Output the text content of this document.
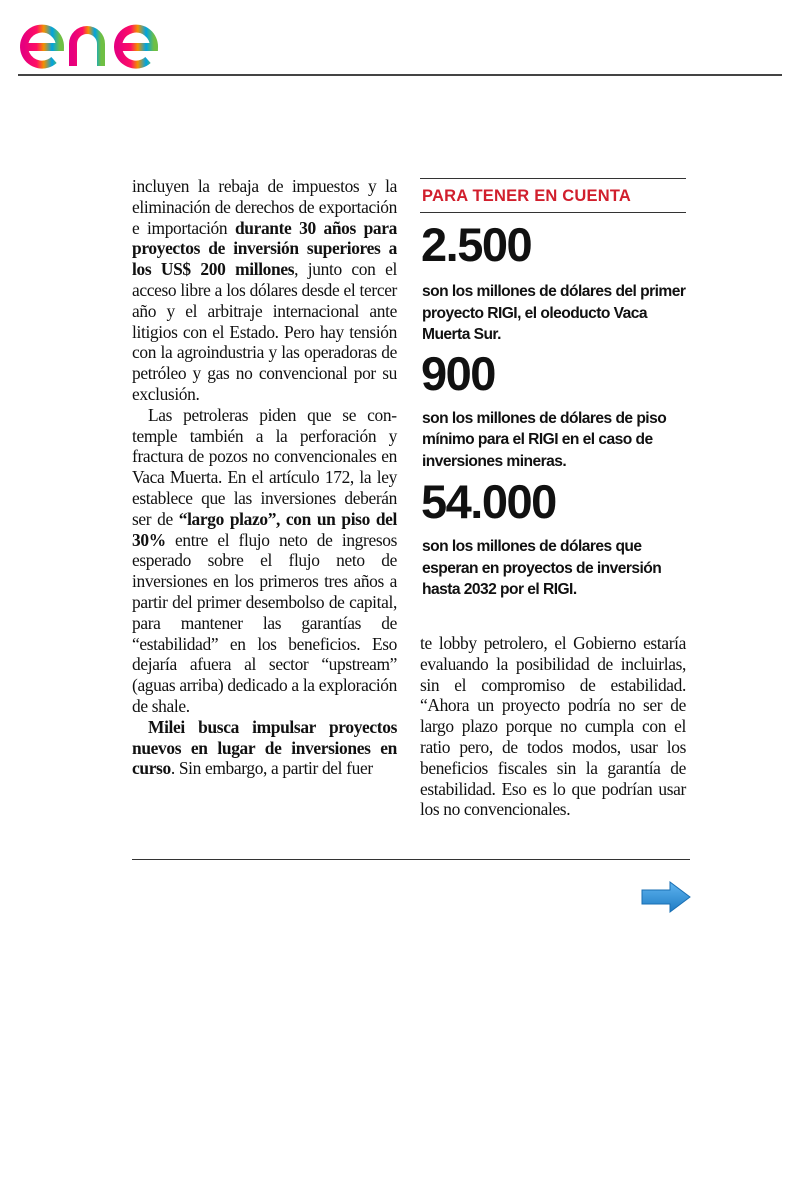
incluyen la rebaja de impuestos y la eliminación de derechos de exportación e importación durante 30 años para proyectos de inversión superiores a los US$ 200 millones, junto con el acceso libre a los dólares desde el tercer año y el arbitraje internacional ante litigios con el Estado. Pero hay tensión con la agroindustria y las operadoras de petróleo y gas no convencional por su exclusión.

Las petroleras piden que se contemple también a la perforación y fractura de pozos no convencionales en Vaca Muerta. En el artículo 172, la ley establece que las inversiones deberán ser de “largo plazo”, con un piso del 30% entre el flujo neto de ingresos esperado sobre el flujo neto de inversiones en los primeros tres años a partir del primer desembolso de capital, para mantener las garantías de “estabilidad” en los beneficios. Eso dejaría afuera al sector “upstream” (aguas arriba) dedicado a la exploración de shale.

Milei busca impulsar proyectos nuevos en lugar de inversiones en curso. Sin embargo, a partir del fuer

PARA TENER EN CUENTA
2.500
son los millones de dólares del primer proyecto RIGI, el oleoducto Vaca Muerta Sur.
900
son los millones de dólares de piso mínimo para el RIGI en el caso de inversiones mineras.
54.000
son los millones de dólares que esperan en proyectos de inversión hasta 2032 por el RIGI.

te lobby petrolero, el Gobierno estaría evaluando la posibilidad de incluirlas, sin el compromiso de estabilidad. “Ahora un proyecto podría no ser de largo plazo porque no cumpla con el ratio pero, de todos modos, usar los beneficios fiscales sin la garantía de estabilidad. Eso es lo que podrían usar los no convencionales.
